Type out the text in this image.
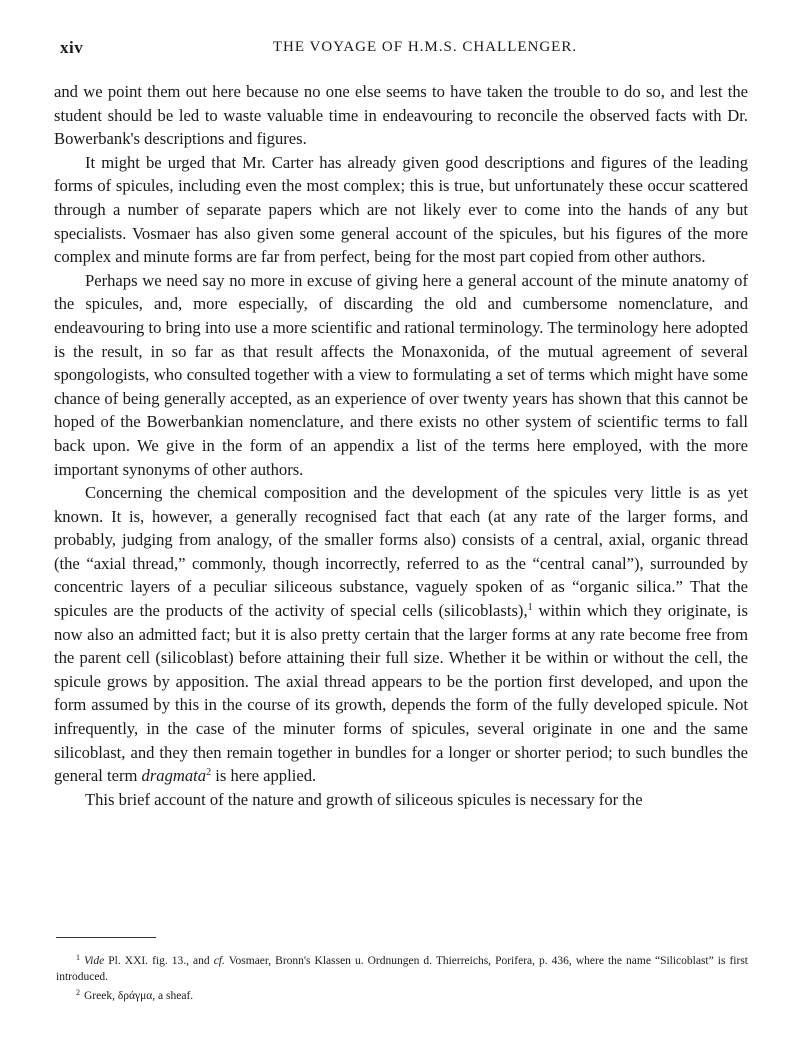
xiv	THE VOYAGE OF H.M.S. CHALLENGER.

and we point them out here because no one else seems to have taken the trouble to do so, and lest the student should be led to waste valuable time in endeavouring to reconcile the observed facts with Dr. Bowerbank's descriptions and figures.

It might be urged that Mr. Carter has already given good descriptions and figures of the leading forms of spicules, including even the most complex; this is true, but unfortunately these occur scattered through a number of separate papers which are not likely ever to come into the hands of any but specialists. Vosmaer has also given some general account of the spicules, but his figures of the more complex and minute forms are far from perfect, being for the most part copied from other authors.

Perhaps we need say no more in excuse of giving here a general account of the minute anatomy of the spicules, and, more especially, of discarding the old and cumbersome nomenclature, and endeavouring to bring into use a more scientific and rational terminology. The terminology here adopted is the result, in so far as that result affects the Monaxonida, of the mutual agreement of several spongologists, who consulted together with a view to formulating a set of terms which might have some chance of being generally accepted, as an experience of over twenty years has shown that this cannot be hoped of the Bowerbankian nomenclature, and there exists no other system of scientific terms to fall back upon. We give in the form of an appendix a list of the terms here employed, with the more important synonyms of other authors.

Concerning the chemical composition and the development of the spicules very little is as yet known. It is, however, a generally recognised fact that each (at any rate of the larger forms, and probably, judging from analogy, of the smaller forms also) consists of a central, axial, organic thread (the “axial thread,” commonly, though incorrectly, referred to as the “central canal”), surrounded by concentric layers of a peculiar siliceous substance, vaguely spoken of as “organic silica.” That the spicules are the products of the activity of special cells (silicoblasts),$^1$ within which they originate, is now also an admitted fact; but it is also pretty certain that the larger forms at any rate become free from the parent cell (silicoblast) before attaining their full size. Whether it be within or without the cell, the spicule grows by apposition. The axial thread appears to be the portion first developed, and upon the form assumed by this in the course of its growth, depends the form of the fully developed spicule. Not infrequently, in the case of the minuter forms of spicules, several originate in one and the same silicoblast, and they then remain together in bundles for a longer or shorter period; to such bundles the general term dragmata$^2$ is here applied.

This brief account of the nature and growth of siliceous spicules is necessary for the

$^1$ Vide Pl. XXI. fig. 13., and cf. Vosmaer, Bronn's Klassen u. Ordnungen d. Thierreichs, Porifera, p. 436, where the name “Silicoblast” is first introduced.

$^2$ Greek, δράγμα, a sheaf.
